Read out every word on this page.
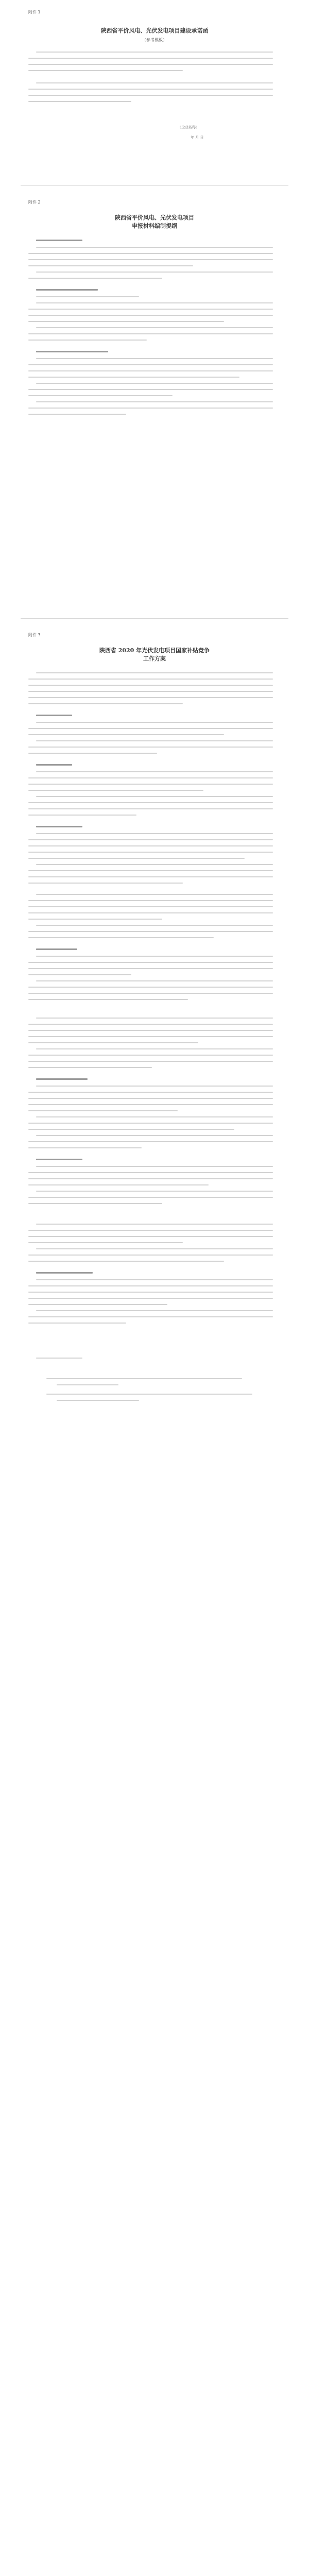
附件 1
陕西省平价风电、光伏发电项目建设承诺函
（参考模板）
（企业名称）
年 月 日
附件 2
陕西省平价风电、光伏发电项目
申报材料编制提纲
附件 3
陕西省 2020 年光伏发电项目国家补贴竞争
工作方案
